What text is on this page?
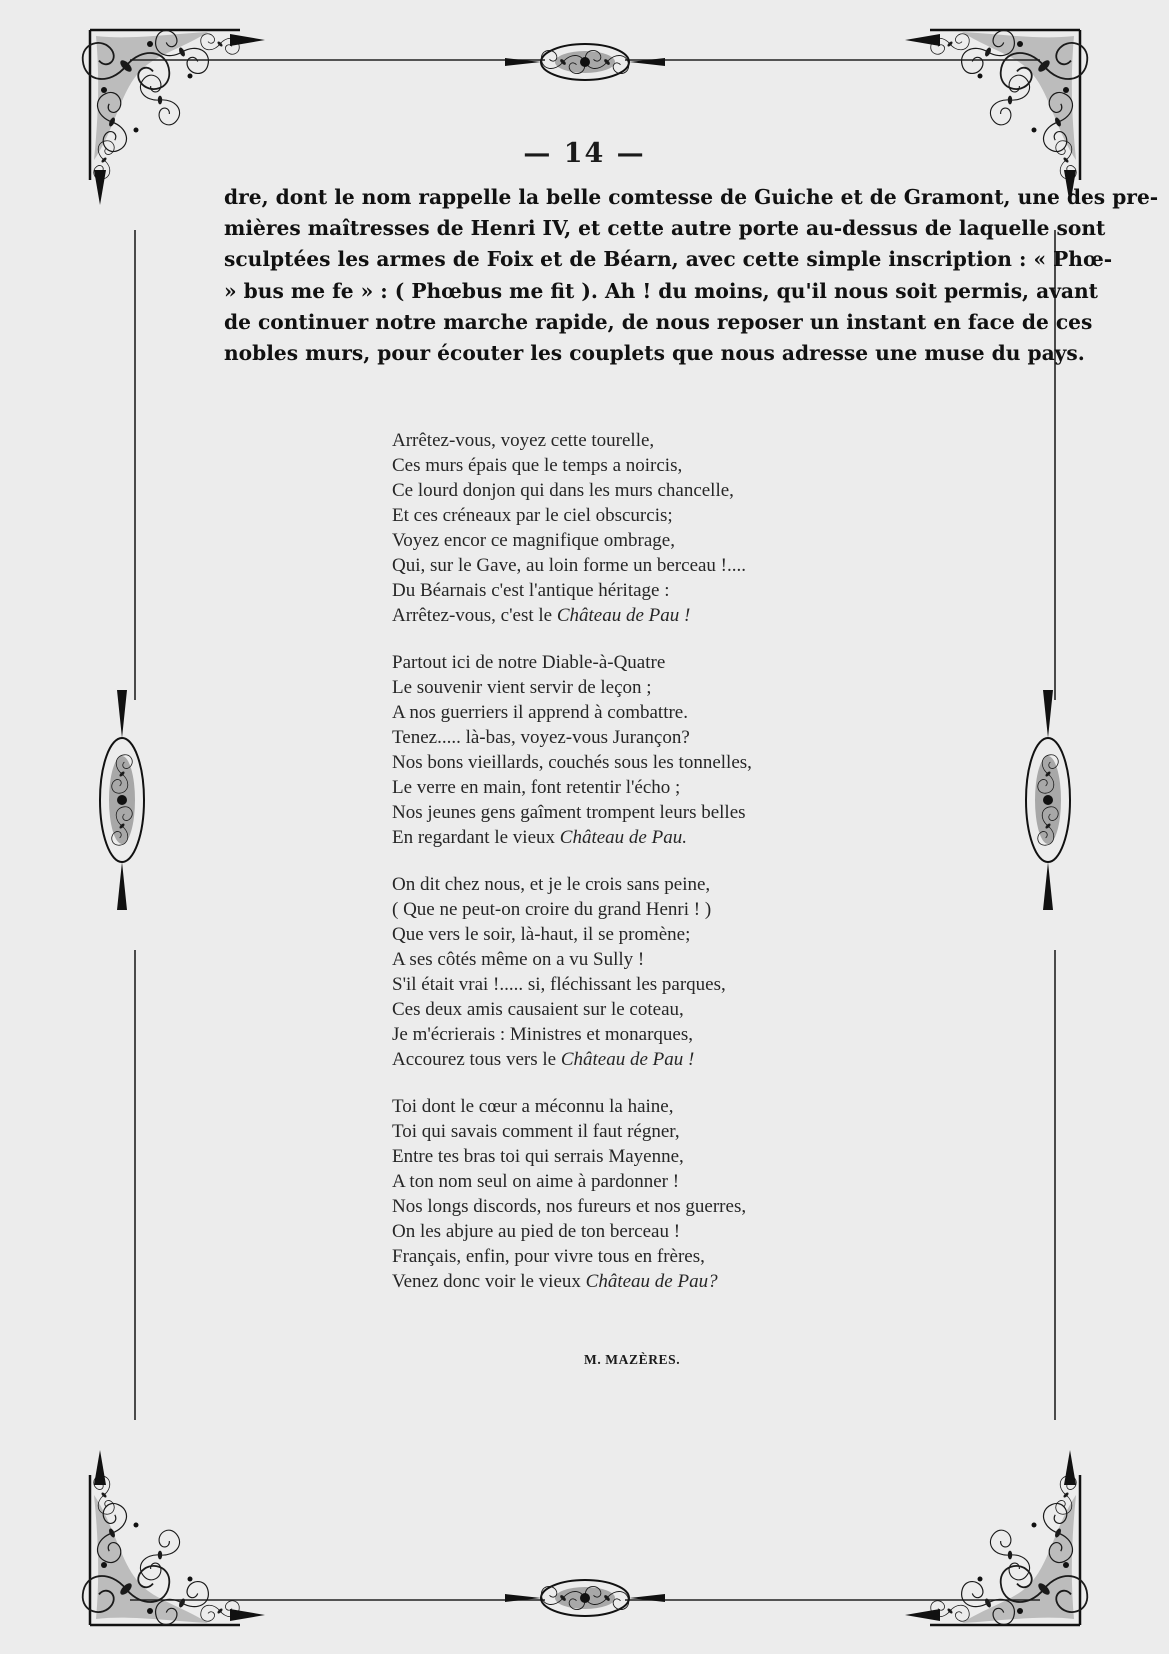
— 14 —
dre, dont le nom rappelle la belle comtesse de Guiche et de Gramont, une des pre-
mières maîtresses de Henri IV, et cette autre porte au-dessus de laquelle sont
sculptées les armes de Foix et de Béarn, avec cette simple inscription : « Phœ-
» bus me fe » : ( Phœbus me fit ). Ah ! du moins, qu'il nous soit permis, avant
de continuer notre marche rapide, de nous reposer un instant en face de ces
nobles murs, pour écouter les couplets que nous adresse une muse du pays.
Arrêtez-vous, voyez cette tourelle,
Ces murs épais que le temps a noircis,
Ce lourd donjon qui dans les murs chancelle,
Et ces créneaux par le ciel obscurcis;
Voyez encor ce magnifique ombrage,
Qui, sur le Gave, au loin forme un berceau !....
Du Béarnais c'est l'antique héritage :
Arrêtez-vous, c'est le Château de Pau !
Partout ici de notre Diable-à-Quatre
Le souvenir vient servir de leçon ;
A nos guerriers il apprend à combattre.
Tenez..... là-bas, voyez-vous Jurançon?
Nos bons vieillards, couchés sous les tonnelles,
Le verre en main, font retentir l'écho ;
Nos jeunes gens gaîment trompent leurs belles
En regardant le vieux Château de Pau.
On dit chez nous, et je le crois sans peine,
( Que ne peut-on croire du grand Henri ! )
Que vers le soir, là-haut, il se promène;
A ses côtés même on a vu Sully !
S'il était vrai !..... si, fléchissant les parques,
Ces deux amis causaient sur le coteau,
Je m'écrierais : Ministres et monarques,
Accourez tous vers le Château de Pau !
Toi dont le cœur a méconnu la haine,
Toi qui savais comment il faut régner,
Entre tes bras toi qui serrais Mayenne,
A ton nom seul on aime à pardonner !
Nos longs discords, nos fureurs et nos guerres,
On les abjure au pied de ton berceau !
Français, enfin, pour vivre tous en frères,
Venez donc voir le vieux Château de Pau?
M. MAZÈRES.
